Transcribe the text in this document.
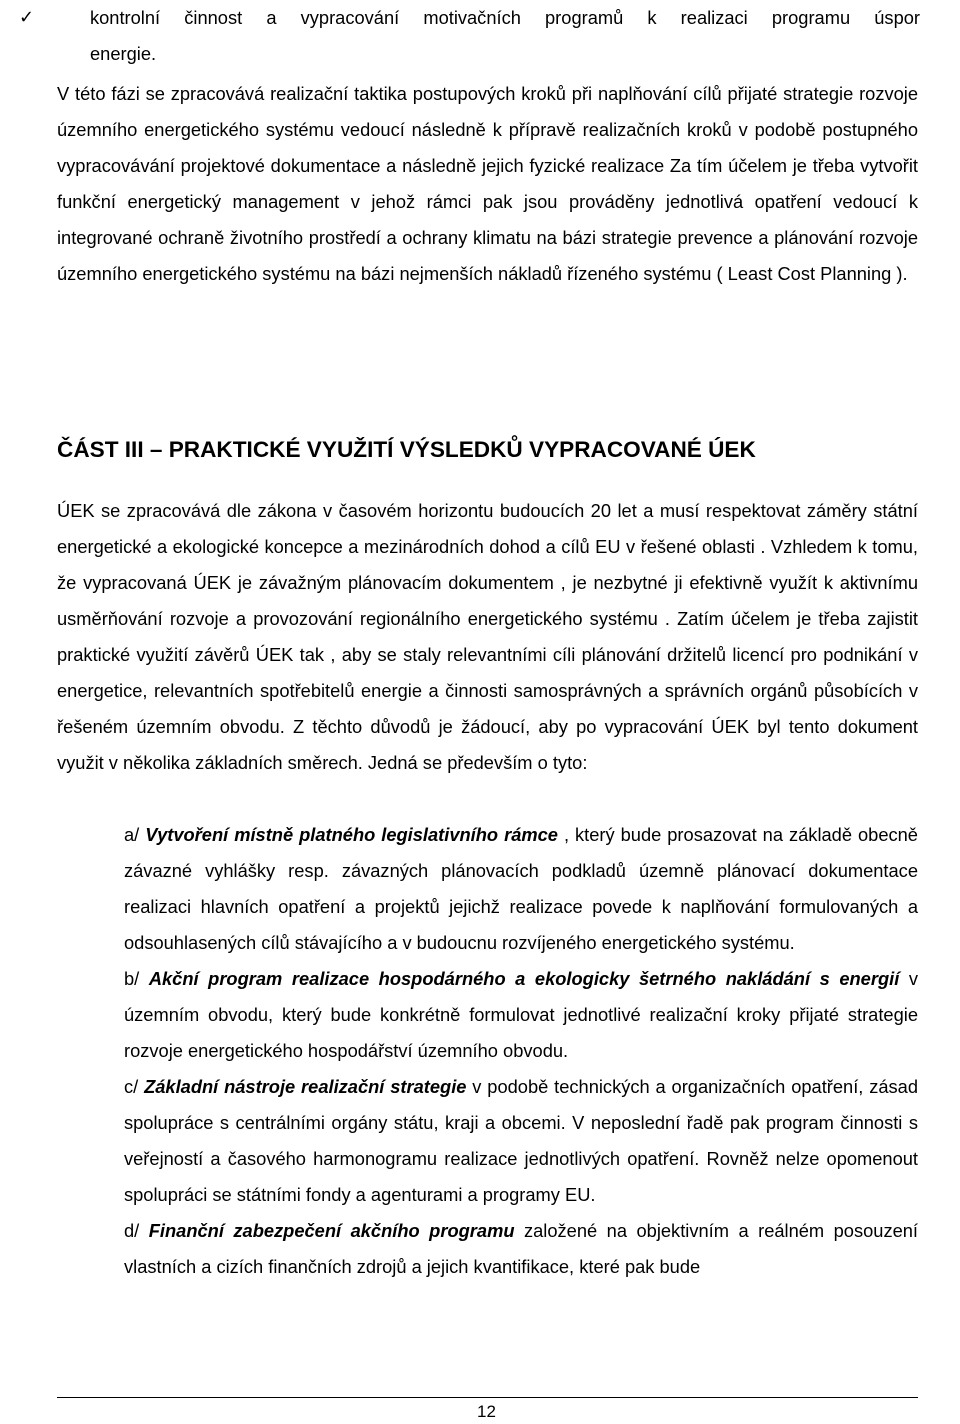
✓	kontrolní činnost a vypracování motivačních programů k realizaci programu úspor
energie.

V této fázi se zpracovává realizační taktika postupových kroků při naplňování cílů přijaté strategie rozvoje územního energetického systému vedoucí následně k přípravě realizačních kroků v podobě postupného vypracovávání projektové dokumentace a následně jejich fyzické realizace Za tím účelem je třeba vytvořit funkční energetický management v jehož rámci pak jsou prováděny jednotlivá opatření vedoucí k integrované ochraně životního prostředí a ochrany klimatu na bázi strategie prevence a plánování rozvoje územního energetického systému na bázi nejmenších nákladů řízeného systému ( Least Cost Planning ).

ČÁST III – PRAKTICKÉ VYUŽITÍ VÝSLEDKŮ VYPRACOVANÉ ÚEK

ÚEK se zpracovává dle zákona v časovém horizontu budoucích 20 let a musí respektovat záměry státní energetické a ekologické koncepce a mezinárodních dohod a cílů EU v řešené oblasti . Vzhledem k tomu, že vypracovaná ÚEK je závažným plánovacím dokumentem , je nezbytné ji efektivně využít k aktivnímu usměrňování rozvoje a provozování regionálního energetického systému . Zatím účelem je třeba zajistit praktické využití závěrů ÚEK tak , aby se staly relevantními cíli plánování držitelů licencí pro podnikání v energetice, relevantních spotřebitelů energie a činnosti samosprávných a správních orgánů působících v řešeném územním obvodu. Z těchto důvodů je žádoucí, aby po vypracování ÚEK byl tento dokument využit v několika základních směrech. Jedná se především o tyto:

a/ Vytvoření místně platného legislativního rámce , který bude prosazovat na základě obecně závazné vyhlášky resp. závazných plánovacích podkladů územně plánovací dokumentace realizaci hlavních opatření a projektů jejichž realizace povede k naplňování formulovaných a odsouhlasených cílů stávajícího a v budoucnu rozvíjeného energetického systému.

b/ Akční program realizace hospodárného a ekologicky šetrného nakládání s energií v územním obvodu, který bude konkrétně formulovat jednotlivé realizační kroky přijaté strategie rozvoje energetického hospodářství územního obvodu.

c/ Základní nástroje realizační strategie v podobě technických a organizačních opatření, zásad spolupráce s centrálními orgány státu, kraji a obcemi. V neposlední řadě pak program činnosti s veřejností a časového harmonogramu realizace jednotlivých opatření. Rovněž nelze opomenout spolupráci se státními fondy a agenturami a programy EU.

d/ Finanční zabezpečení akčního programu založené na objektivním a reálném posouzení vlastních a cizích finančních zdrojů a jejich kvantifikace, které pak bude

12
